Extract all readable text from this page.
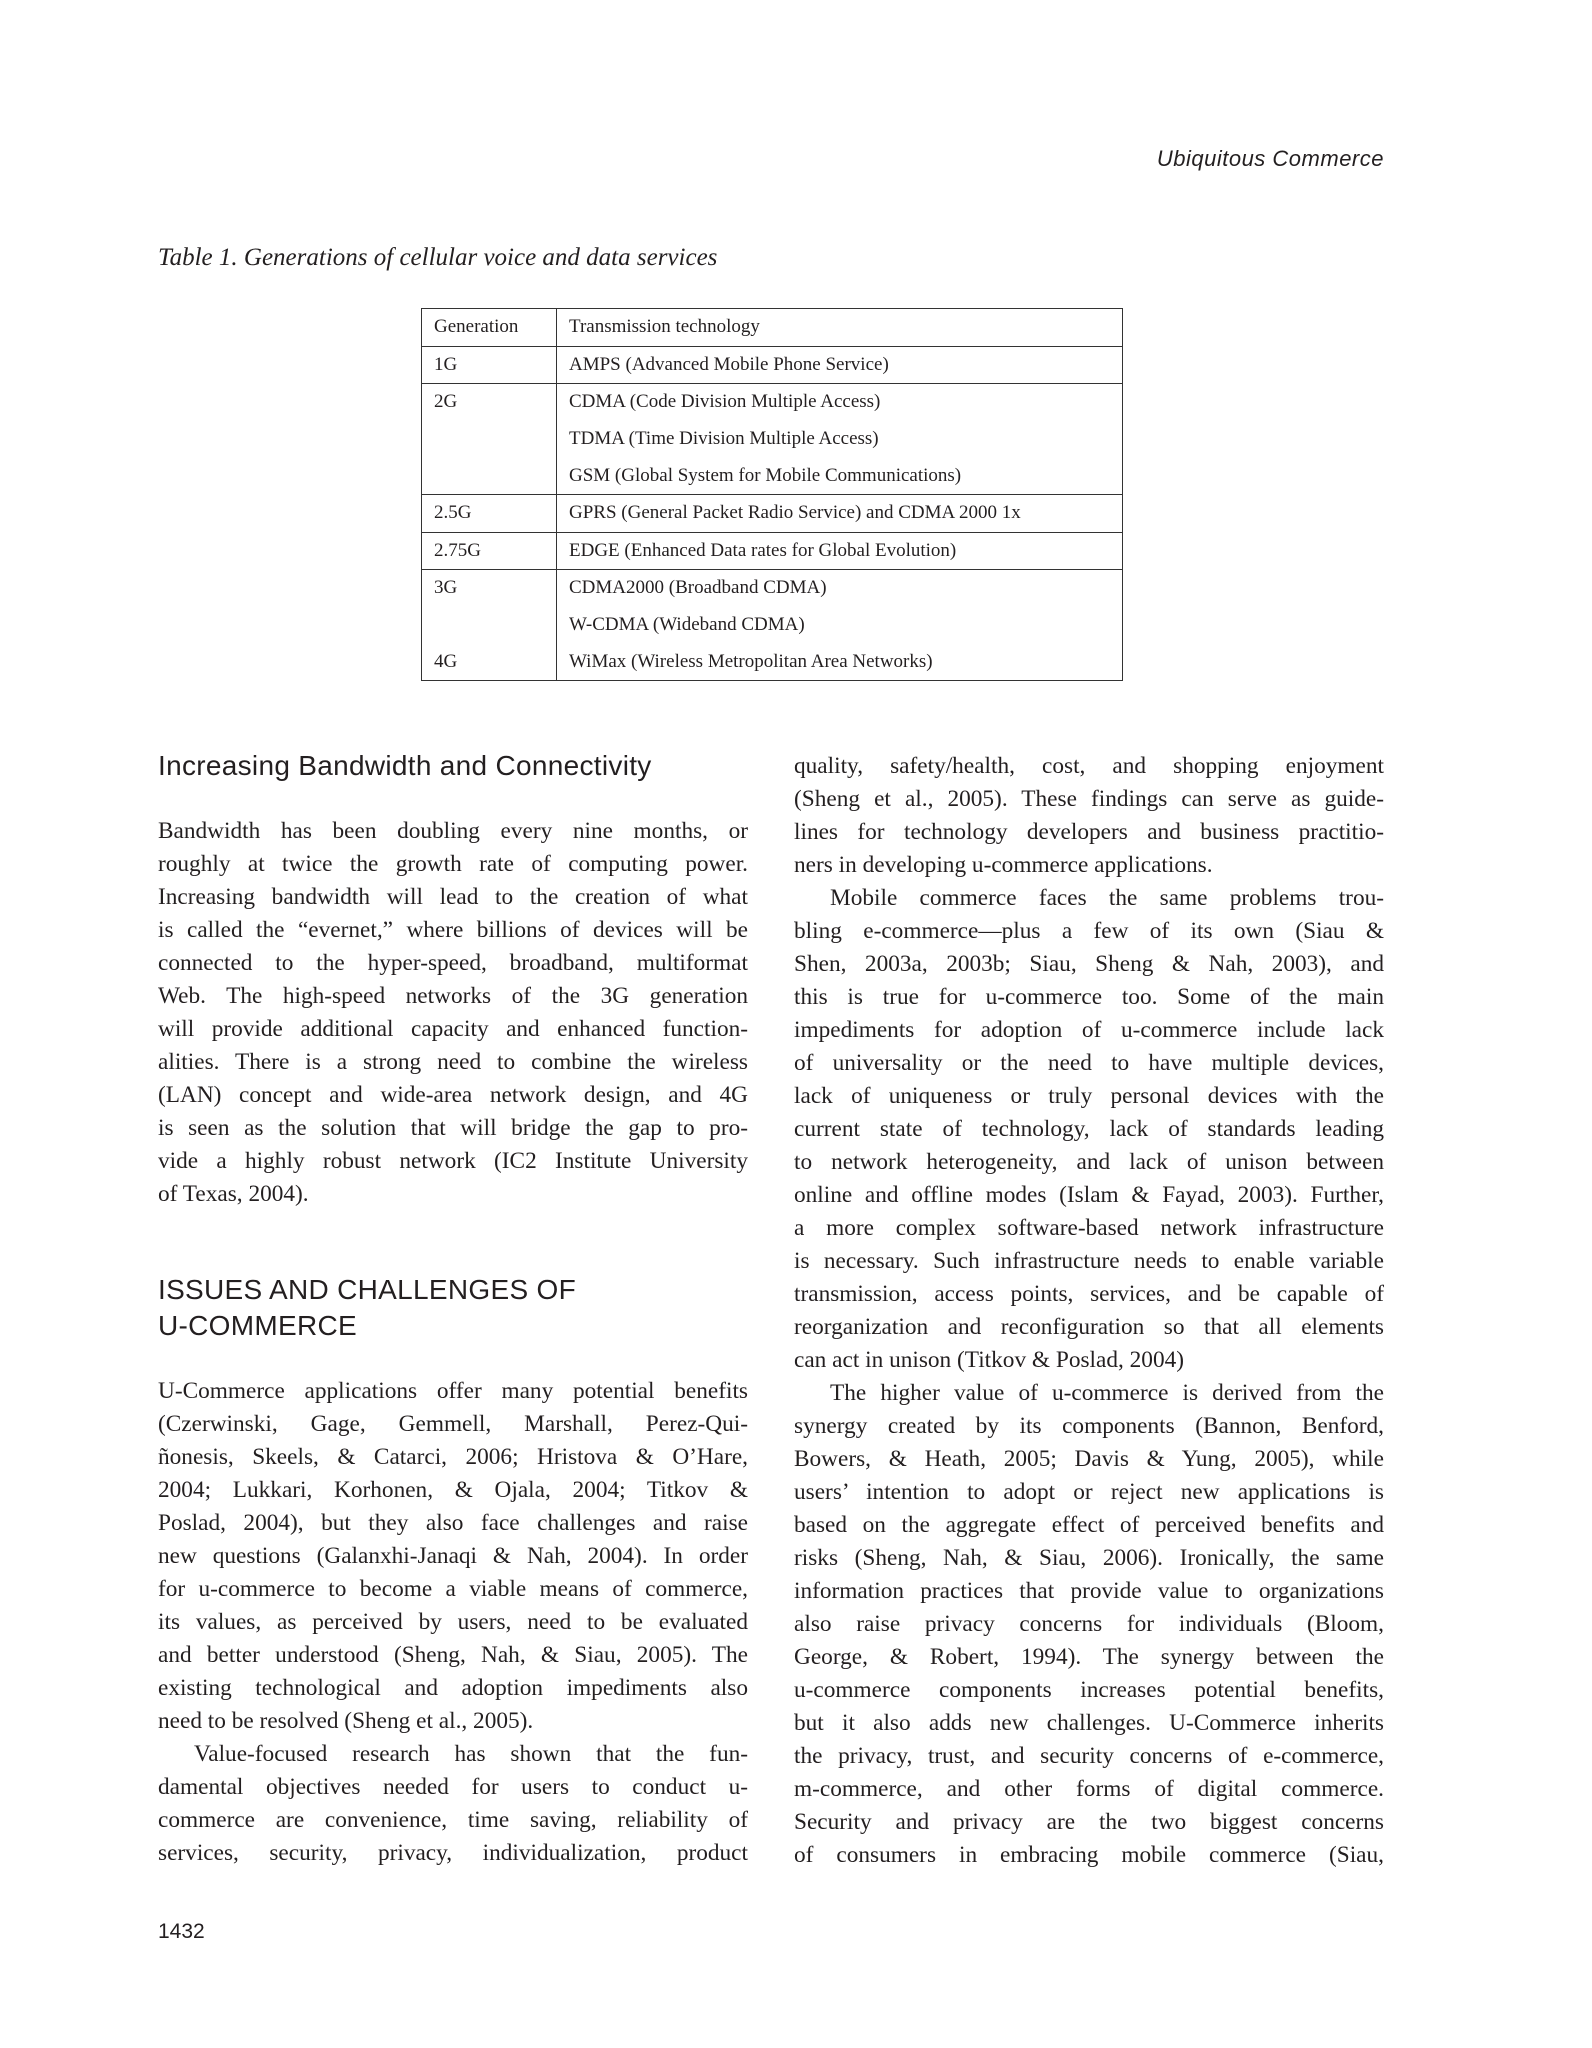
Ubiquitous Commerce
Table 1. Generations of cellular voice and data services
Generation	Transmission technology
1G	AMPS (Advanced Mobile Phone Service)
2G	CDMA (Code Division Multiple Access)
	TDMA (Time Division Multiple Access)
	GSM (Global System for Mobile Communications)
2.5G	GPRS (General Packet Radio Service) and CDMA 2000 1x
2.75G	EDGE (Enhanced Data rates for Global Evolution)
3G	CDMA2000 (Broadband CDMA)
	W-CDMA (Wideband CDMA)
4G	WiMax (Wireless Metropolitan Area Networks)
Increasing Bandwidth and Connectivity
Bandwidth has been doubling every nine months, or
roughly at twice the growth rate of computing power.
Increasing bandwidth will lead to the creation of what
is called the “evernet,” where billions of devices will be
connected to the hyper-speed, broadband, multiformat
Web. The high-speed networks of the 3G generation
will provide additional capacity and enhanced function-
alities. There is a strong need to combine the wireless
(LAN) concept and wide-area network design, and 4G
is seen as the solution that will bridge the gap to pro-
vide a highly robust network (IC2 Institute University
of Texas, 2004).
ISSUES AND CHALLENGES OF
U-COMMERCE
U-Commerce applications offer many potential benefits
(Czerwinski, Gage, Gemmell, Marshall, Perez-Qui-
ñonesis, Skeels, & Catarci, 2006; Hristova & O’Hare,
2004; Lukkari, Korhonen, & Ojala, 2004; Titkov &
Poslad, 2004), but they also face challenges and raise
new questions (Galanxhi-Janaqi & Nah, 2004). In order
for u-commerce to become a viable means of commerce,
its values, as perceived by users, need to be evaluated
and better understood (Sheng, Nah, & Siau, 2005). The
existing technological and adoption impediments also
need to be resolved (Sheng et al., 2005).
Value-focused research has shown that the fun-
damental objectives needed for users to conduct u-
commerce are convenience, time saving, reliability of
services, security, privacy, individualization, product
quality, safety/health, cost, and shopping enjoyment
(Sheng et al., 2005). These findings can serve as guide-
lines for technology developers and business practitio-
ners in developing u-commerce applications.
Mobile commerce faces the same problems trou-
bling e-commerce—plus a few of its own (Siau &
Shen, 2003a, 2003b; Siau, Sheng & Nah, 2003), and
this is true for u-commerce too. Some of the main
impediments for adoption of u-commerce include lack
of universality or the need to have multiple devices,
lack of uniqueness or truly personal devices with the
current state of technology, lack of standards leading
to network heterogeneity, and lack of unison between
online and offline modes (Islam & Fayad, 2003). Further,
a more complex software-based network infrastructure
is necessary. Such infrastructure needs to enable variable
transmission, access points, services, and be capable of
reorganization and reconfiguration so that all elements
can act in unison (Titkov & Poslad, 2004)
The higher value of u-commerce is derived from the
synergy created by its components (Bannon, Benford,
Bowers, & Heath, 2005; Davis & Yung, 2005), while
users’ intention to adopt or reject new applications is
based on the aggregate effect of perceived benefits and
risks (Sheng, Nah, & Siau, 2006). Ironically, the same
information practices that provide value to organizations
also raise privacy concerns for individuals (Bloom,
George, & Robert, 1994). The synergy between the
u-commerce components increases potential benefits,
but it also adds new challenges. U-Commerce inherits
the privacy, trust, and security concerns of e-commerce,
m-commerce, and other forms of digital commerce.
Security and privacy are the two biggest concerns
of consumers in embracing mobile commerce (Siau,
1432
